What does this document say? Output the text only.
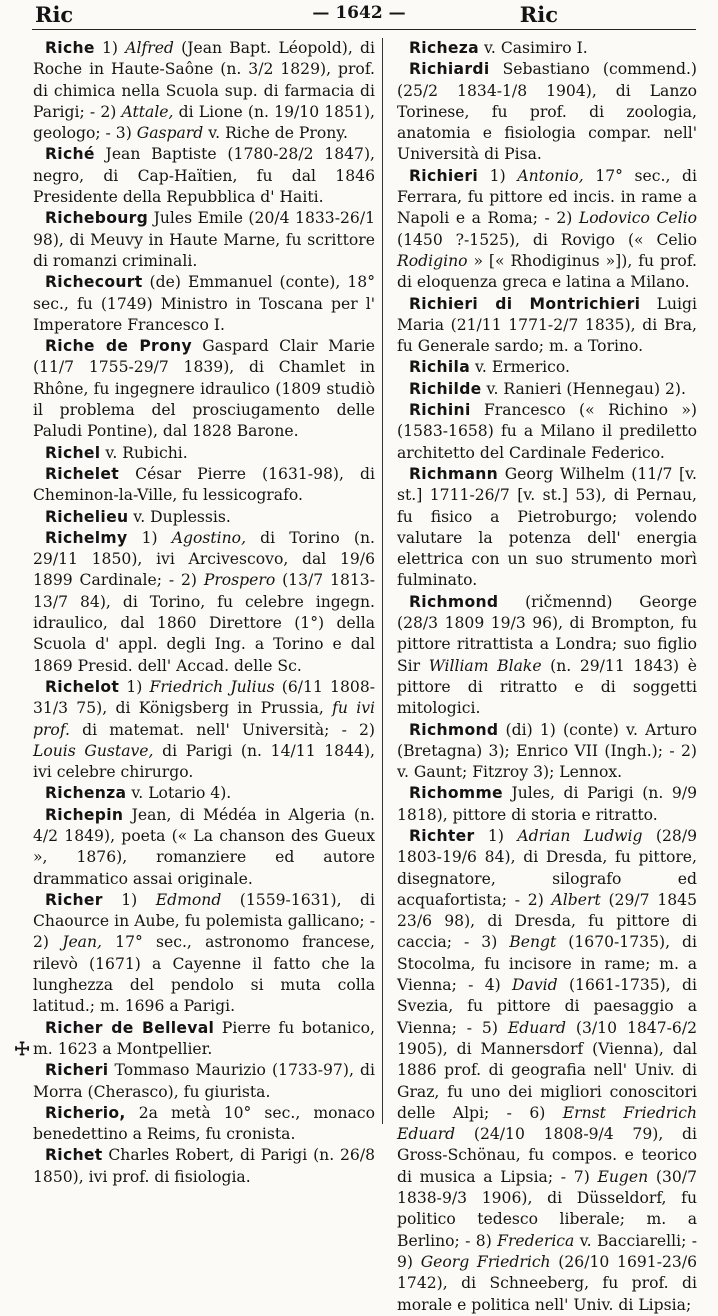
Ric	— 1642 —	Ric
☩

Riche 1) Alfred (Jean Bapt. Léopold), di Roche in Haute-Saône (n. 3/2 1829), prof. di chimica nella Scuola sup. di farmacia di Parigi; - 2) Attale, di Lione (n. 19/10 1851), geologo; - 3) Gaspard v. Riche de Prony.

Riché Jean Baptiste (1780-28/2 1847), negro, di Cap-Haïtien, fu dal 1846 Presidente della Repubblica d' Haiti.

Richebourg Jules Emile (20/4 1833-26/1 98), di Meuvy in Haute Marne, fu scrittore di romanzi criminali.

Richecourt (de) Emmanuel (conte), 18° sec., fu (1749) Ministro in Toscana per l' Imperatore Francesco I.

Riche de Prony Gaspard Clair Marie (11/7 1755-29/7 1839), di Chamlet in Rhône, fu ingegnere idraulico (1809 studiò il problema del prosciugamento delle Paludi Pontine), dal 1828 Barone.

Richel v. Rubichi.

Richelet César Pierre (1631-98), di Cheminon-la-Ville, fu lessicografo.

Richelieu v. Duplessis.

Richelmy 1) Agostino, di Torino (n. 29/11 1850), ivi Arcivescovo, dal 19/6 1899 Cardinale; - 2) Prospero (13/7 1813-13/7 84), di Torino, fu celebre ingegn. idraulico, dal 1860 Direttore (1°) della Scuola d' appl. degli Ing. a Torino e dal 1869 Presid. dell' Accad. delle Sc.

Richelot 1) Friedrich Julius (6/11 1808-31/3 75), di Königsberg in Prussia, fu ivi prof. di matemat. nell' Università; - 2) Louis Gustave, di Parigi (n. 14/11 1844), ivi celebre chirurgo.

Richenza v. Lotario 4).

Richepin Jean, di Médéa in Algeria (n. 4/2 1849), poeta (« La chanson des Gueux », 1876), romanziere ed autore drammatico assai originale.

Richer 1) Edmond (1559-1631), di Chaource in Aube, fu polemista gallicano; - 2) Jean, 17° sec., astronomo francese, rilevò (1671) a Cayenne il fatto che la lunghezza del pendolo si muta colla latitud.; m. 1696 a Parigi.

Richer de Belleval Pierre fu botanico, m. 1623 a Montpellier.

Richeri Tommaso Maurizio (1733-97), di Morra (Cherasco), fu giurista.

Richerio, 2a metà 10° sec., monaco benedettino a Reims, fu cronista.

Richet Charles Robert, di Parigi (n. 26/8 1850), ivi prof. di fisiologia.

Richeza v. Casimiro I.

Richiardi Sebastiano (commend.) (25/2 1834-1/8 1904), di Lanzo Torinese, fu prof. di zoologia, anatomia e fisiologia compar. nell' Università di Pisa.

Richieri 1) Antonio, 17° sec., di Ferrara, fu pittore ed incis. in rame a Napoli e a Roma; - 2) Lodovico Celio (1450 ?-1525), di Rovigo (« Celio Rodigino » [« Rhodiginus »]), fu prof. di eloquenza greca e latina a Milano.

Richieri di Montrichieri Luigi Maria (21/11 1771-2/7 1835), di Bra, fu Generale sardo; m. a Torino.

Richila v. Ermerico.

Richilde v. Ranieri (Hennegau) 2).

Richini Francesco (« Richino ») (1583-1658) fu a Milano il prediletto architetto del Cardinale Federico.

Richmann Georg Wilhelm (11/7 [v. st.] 1711-26/7 [v. st.] 53), di Pernau, fu fisico a Pietroburgo; volendo valutare la potenza dell' energia elettrica con un suo strumento morì fulminato.

Richmond (ričmennd) George (28/3 1809 19/3 96), di Brompton, fu pittore ritrattista a Londra; suo figlio Sir William Blake (n. 29/11 1843) è pittore di ritratto e di soggetti mitologici.

Richmond (di) 1) (conte) v. Arturo (Bretagna) 3); Enrico VII (Ingh.); - 2) v. Gaunt; Fitzroy 3); Lennox.

Richomme Jules, di Parigi (n. 9/9 1818), pittore di storia e ritratto.

Richter 1) Adrian Ludwig (28/9 1803-19/6 84), di Dresda, fu pittore, disegnatore, silografo ed acquafortista; - 2) Albert (29/7 1845 23/6 98), di Dresda, fu pittore di caccia; - 3) Bengt (1670-1735), di Stocolma, fu incisore in rame; m. a Vienna; - 4) David (1661-1735), di Svezia, fu pittore di paesaggio a Vienna; - 5) Eduard (3/10 1847-6/2 1905), di Mannersdorf (Vienna), dal 1886 prof. di geografia nell' Univ. di Graz, fu uno dei migliori conoscitori delle Alpi; - 6) Ernst Friedrich Eduard (24/10 1808-9/4 79), di Gross-Schönau, fu compos. e teorico di musica a Lipsia; - 7) Eugen (30/7 1838-9/3 1906), di Düsseldorf, fu politico tedesco liberale; m. a Berlino; - 8) Frederica v. Bacciarelli; - 9) Georg Friedrich (26/10 1691-23/6 1742), di Schneeberg, fu prof. di morale e politica nell' Univ. di Lipsia;
